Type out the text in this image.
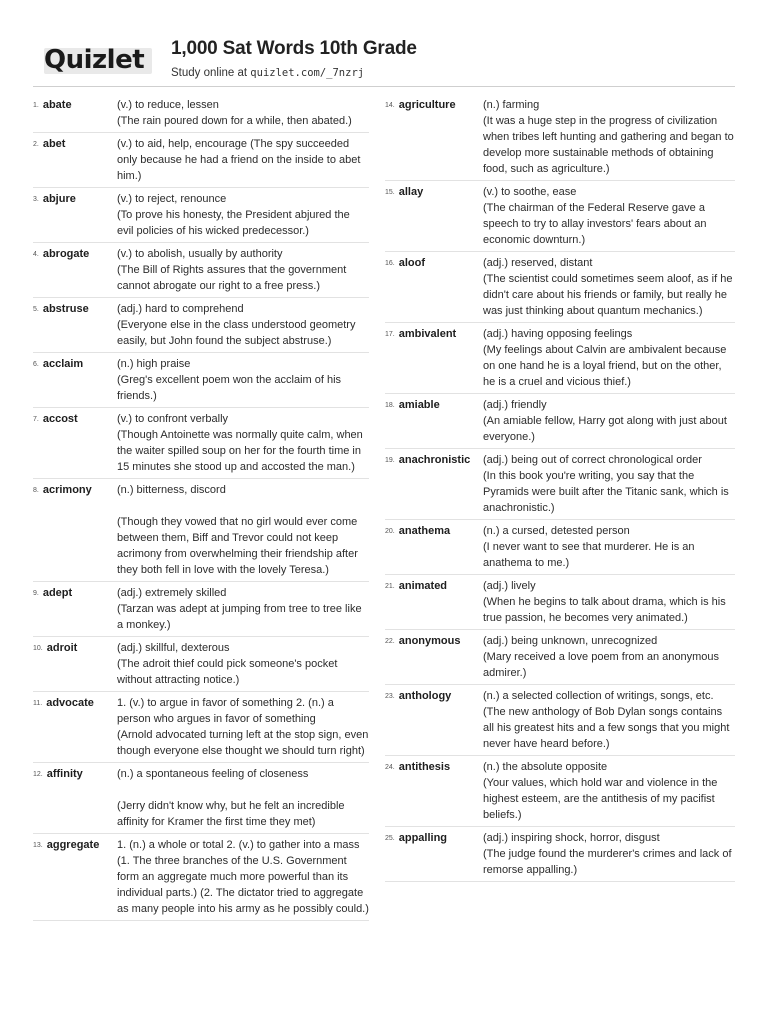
Quizlet 1,000 Sat Words 10th Grade
Study online at quizlet.com/_7nzrj
1. abate	(v.) to reduce, lessen

(The rain poured down for a while, then abated.)

2. abet	(v.) to aid, help, encourage (The spy succeeded only because he had a friend on the inside to abet him.)

3. abjure	(v.) to reject, renounce

(To prove his honesty, the President abjured the evil policies of his wicked predecessor.)

4. abrogate	(v.) to abolish, usually by authority

(The Bill of Rights assures that the government cannot abrogate our right to a free press.)

5. abstruse	(adj.) hard to comprehend

(Everyone else in the class understood geometry easily, but John found the subject abstruse.)

6. acclaim	(n.) high praise

(Greg's excellent poem won the acclaim of his friends.)

7. accost	(v.) to confront verbally

(Though Antoinette was normally quite calm, when the waiter spilled soup on her for the fourth time in 15 minutes she stood up and accosted the man.)

8. acrimony	(n.) bitterness, discord

(Though they vowed that no girl would ever come between them, Biff and Trevor could not keep acrimony from overwhelming their friendship after they both fell in love with the lovely Teresa.)

9. adept	(adj.) extremely skilled

(Tarzan was adept at jumping from tree to tree like a monkey.)

10. adroit	(adj.) skillful, dexterous

(The adroit thief could pick someone's pocket without attracting notice.)

11. advocate	1. (v.) to argue in favor of something 2. (n.) a person who argues in favor of something

(Arnold advocated turning left at the stop sign, even though everyone else thought we should turn right)

12. affinity	(n.) a spontaneous feeling of closeness

(Jerry didn't know why, but he felt an incredible affinity for Kramer the first time they met)

13. aggregate	1. (n.) a whole or total 2. (v.) to gather into a mass (1. The three branches of the U.S. Government form an aggregate much more powerful than its individual parts.) (2. The dictator tried to aggregate as many people into his army as he possibly could.)

14. agriculture	(n.) farming

(It was a huge step in the progress of civilization when tribes left hunting and gathering and began to develop more sustainable methods of obtaining food, such as agriculture.)

15. allay	(v.) to soothe, ease

(The chairman of the Federal Reserve gave a speech to try to allay investors' fears about an economic downturn.)

16. aloof	(adj.) reserved, distant

(The scientist could sometimes seem aloof, as if he didn't care about his friends or family, but really he was just thinking about quantum mechanics.)

17. ambivalent	(adj.) having opposing feelings

(My feelings about Calvin are ambivalent because on one hand he is a loyal friend, but on the other, he is a cruel and vicious thief.)

18. amiable	(adj.) friendly

(An amiable fellow, Harry got along with just about everyone.)

19. anachronistic	(adj.) being out of correct chronological order

(In this book you're writing, you say that the Pyramids were built after the Titanic sank, which is anachronistic.)

20. anathema	(n.) a cursed, detested person

(I never want to see that murderer. He is an anathema to me.)

21. animated	(adj.) lively

(When he begins to talk about drama, which is his true passion, he becomes very animated.)

22. anonymous	(adj.) being unknown, unrecognized

(Mary received a love poem from an anonymous admirer.)

23. anthology	(n.) a selected collection of writings, songs, etc.

(The new anthology of Bob Dylan songs contains all his greatest hits and a few songs that you might never have heard before.)

24. antithesis	(n.) the absolute opposite

(Your values, which hold war and violence in the highest esteem, are the antithesis of my pacifist beliefs.)

25. appalling	(adj.) inspiring shock, horror, disgust

(The judge found the murderer's crimes and lack of remorse appalling.)
